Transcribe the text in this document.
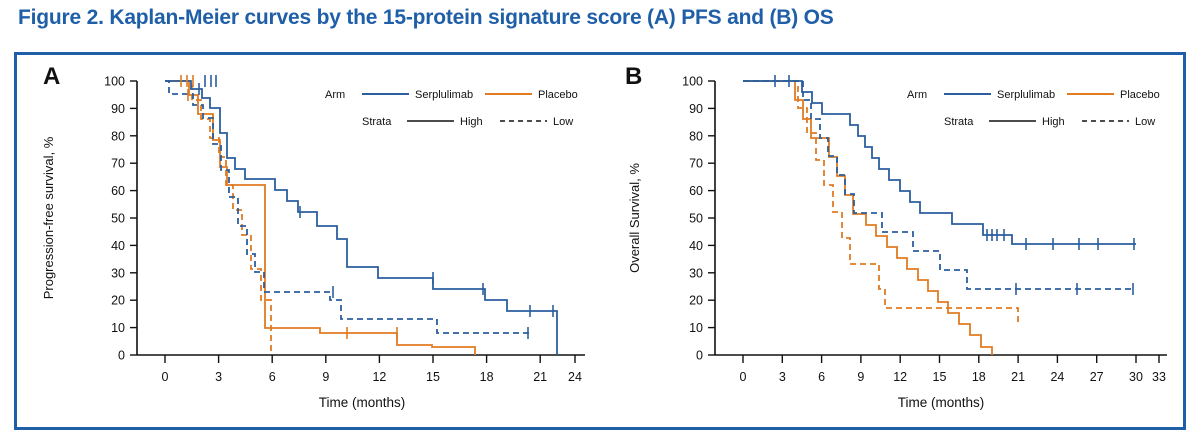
Figure 2. Kaplan-Meier curves by the 15-protein signature score (A) PFS and (B) OS
A
0
10
20
30
40
50
60
70
80
90
100
0	3	6	9	12	15	18	21 24
Progression-free survival, %
Time (months)
Arm	Serplulimab	Placebo
Strata	High	Low
B
0
10
20
30
40
50
60
70
80
90
100
0	3	6	9 12 15 18 21 24 27 30 33
Overall Survival, %
Time (months)
Arm	Serplulimab	Placebo
Strata	High	Low
